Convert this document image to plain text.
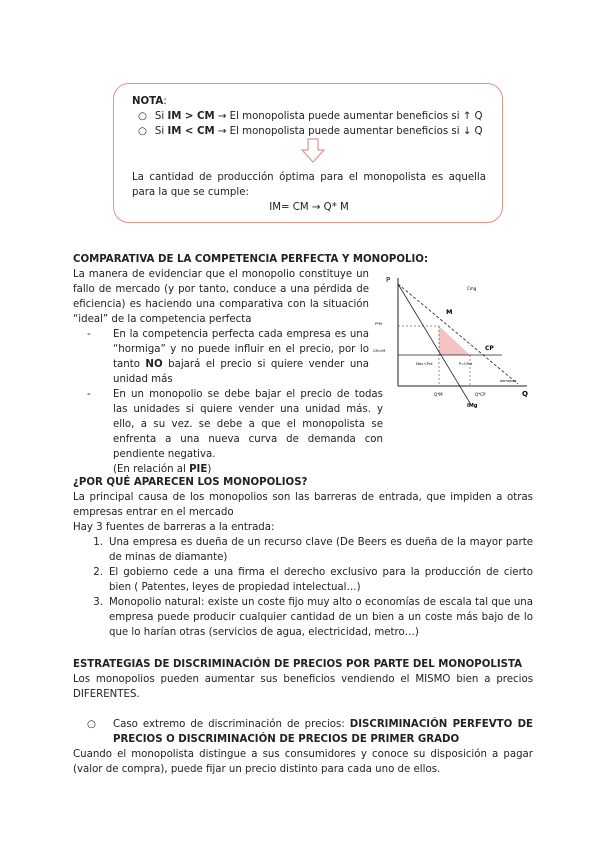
NOTA:
○ Si IM > CM → El monopolista puede aumentar beneficios si ↑ Q
○ Si IM < CM → El monopolista puede aumentar beneficios si ↓ Q
La cantidad de producción óptima para el monopolista es aquella para la que se cumple:
IM= CM → Q* M
COMPARATIVA DE LA COMPETENCIA PERFECTA Y MONOPOLIO:
La manera de evidenciar que el monopolio constituye un fallo de mercado (y por tanto, conduce a una pérdida de eficiencia) es haciendo una comparativa con la situación “ideal” de la competencia perfecta
-	En la competencia perfecta cada empresa es una “hormiga” y no puede influir en el precio, por lo tanto NO bajará el precio si quiere vender una unidad más
-	En un monopolio se debe bajar el precio de todas las unidades si quiere vender una unidad más. y ello, a su vez. se debe a que el monopolista se enfrenta a una nueva curva de demanda con pendiente negativa.
(En relación al PIE)
P
Q
Cmg
M
CP
IMg
P*M
CM=IM
Q*M	Q*CP
demanda
Max CPrd	P=CPrd
¿POR QUÉ APARECEN LOS MONOPOLIOS?
La principal causa de los monopolios son las barreras de entrada, que impiden a otras empresas entrar en el mercado
Hay 3 fuentes de barreras a la entrada:
1. Una empresa es dueña de un recurso clave (De Beers es dueña de la mayor parte de minas de diamante)
2. El gobierno cede a una firma el derecho exclusivo para la producción de cierto bien ( Patentes, leyes de propiedad intelectual…)
3. Monopolio natural: existe un coste fijo muy alto o economías de escala tal que una empresa puede producir cualquier cantidad de un bien a un coste más bajo de lo que lo harían otras (servicios de agua, electricidad, metro…)
ESTRATEGIAS DE DISCRIMINACIÓN DE PRECIOS POR PARTE DEL MONOPOLISTA
Los monopolios pueden aumentar sus beneficios vendiendo el MISMO bien a precios DIFERENTES.
○	Caso extremo de discriminación de precios: DISCRIMINACIÓN PERFEVTO DE PRECIOS O DISCRIMINACIÓN DE PRECIOS DE PRIMER GRADO
Cuando el monopolista distingue a sus consumidores y conoce su disposición a pagar (valor de compra), puede fijar un precio distinto para cada uno de ellos.
